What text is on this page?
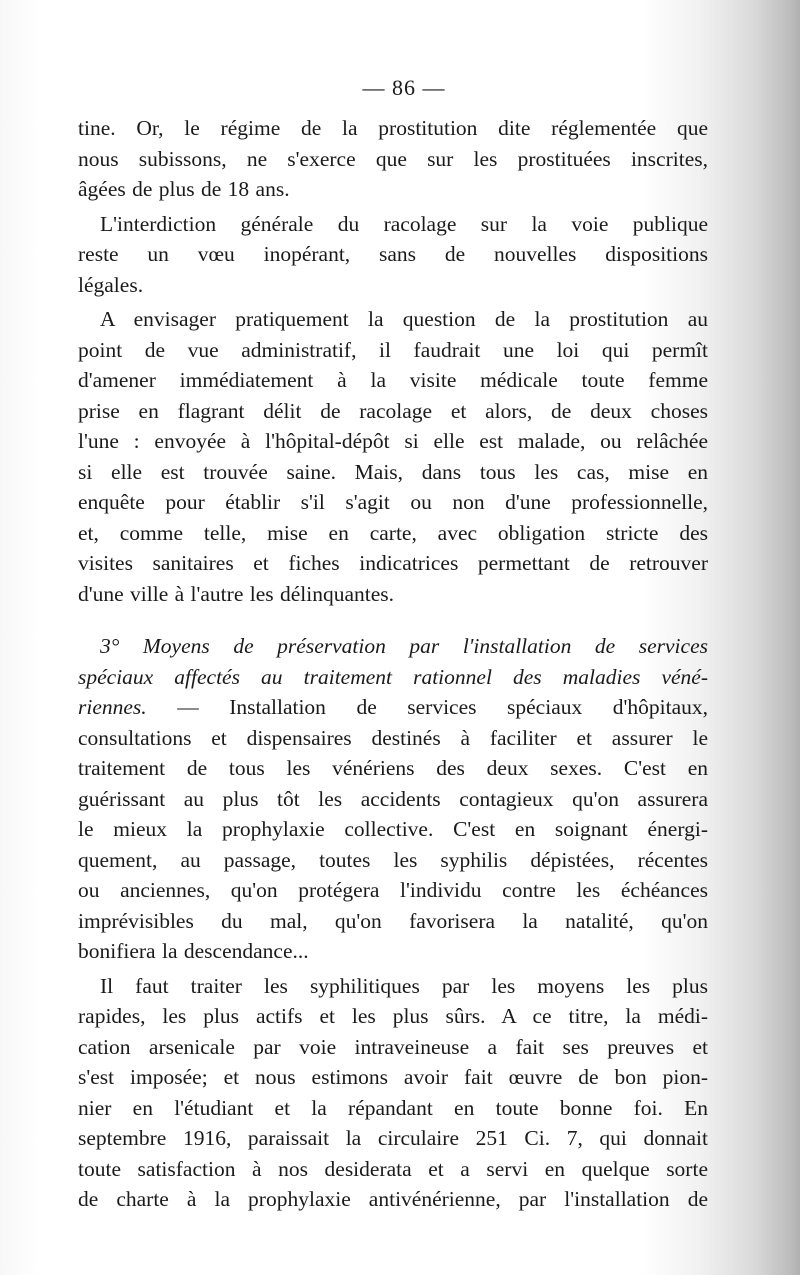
— 86 —
tine. Or, le régime de la prostitution dite réglementée que
nous subissons, ne s'exerce que sur les prostituées inscrites,
âgées de plus de 18 ans.
L'interdiction générale du racolage sur la voie publique
reste un vœu inopérant, sans de nouvelles dispositions
légales.
A envisager pratiquement la question de la prostitution au
point de vue administratif, il faudrait une loi qui permît
d'amener immédiatement à la visite médicale toute femme
prise en flagrant délit de racolage et alors, de deux choses
l'une : envoyée à l'hôpital-dépôt si elle est malade, ou relâchée
si elle est trouvée saine. Mais, dans tous les cas, mise en
enquête pour établir s'il s'agit ou non d'une professionnelle,
et, comme telle, mise en carte, avec obligation stricte des
visites sanitaires et fiches indicatrices permettant de retrouver
d'une ville à l'autre les délinquantes.
3° Moyens de préservation par l'installation de services
spéciaux affectés au traitement rationnel des maladies véné-
riennes. — Installation de services spéciaux d'hôpitaux,
consultations et dispensaires destinés à faciliter et assurer le
traitement de tous les vénériens des deux sexes. C'est en
guérissant au plus tôt les accidents contagieux qu'on assurera
le mieux la prophylaxie collective. C'est en soignant énergi-
quement, au passage, toutes les syphilis dépistées, récentes
ou anciennes, qu'on protégera l'individu contre les échéances
imprévisibles du mal, qu'on favorisera la natalité, qu'on
bonifiera la descendance...
Il faut traiter les syphilitiques par les moyens les plus
rapides, les plus actifs et les plus sûrs. A ce titre, la médi-
cation arsenicale par voie intraveineuse a fait ses preuves et
s'est imposée; et nous estimons avoir fait œuvre de bon pion-
nier en l'étudiant et la répandant en toute bonne foi. En
septembre 1916, paraissait la circulaire 251 Ci. 7, qui donnait
toute satisfaction à nos desiderata et a servi en quelque sorte
de charte à la prophylaxie antivénérienne, par l'installation de
